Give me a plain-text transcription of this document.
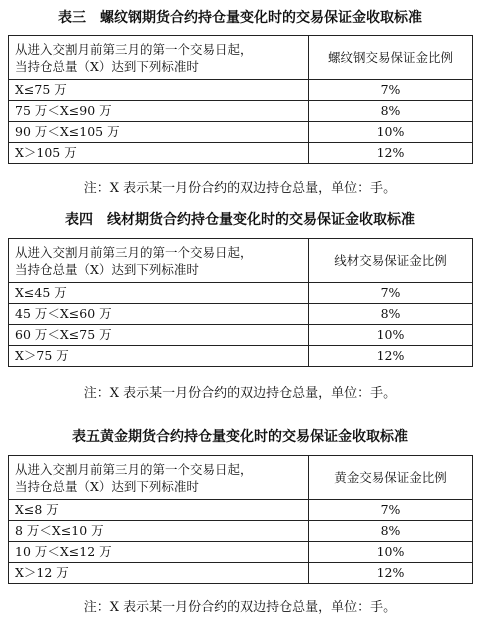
表三　螺纹钢期货合约持仓量变化时的交易保证金收取标准
从进入交割月前第三月的第一个交易日起，
当持仓总量（X）达到下列标准时	螺纹钢交易保证金比例
X≤75 万	7%
75 万＜X≤90 万	8%
90 万＜X≤105 万	10%
X＞105 万	12%
注：X 表示某一月份合约的双边持仓总量，单位：手。
表四　线材期货合约持仓量变化时的交易保证金收取标准
从进入交割月前第三月的第一个交易日起，
当持仓总量（X）达到下列标准时	线材交易保证金比例
X≤45 万	7%
45 万＜X≤60 万	8%
60 万＜X≤75 万	10%
X＞75 万	12%
注：X 表示某一月份合约的双边持仓总量，单位：手。
表五黄金期货合约持仓量变化时的交易保证金收取标准
从进入交割月前第三月的第一个交易日起，
当持仓总量（X）达到下列标准时	黄金交易保证金比例
X≤8 万	7%
8 万＜X≤10 万	8%
10 万＜X≤12 万	10%
X＞12 万	12%
注：X 表示某一月份合约的双边持仓总量，单位：手。
